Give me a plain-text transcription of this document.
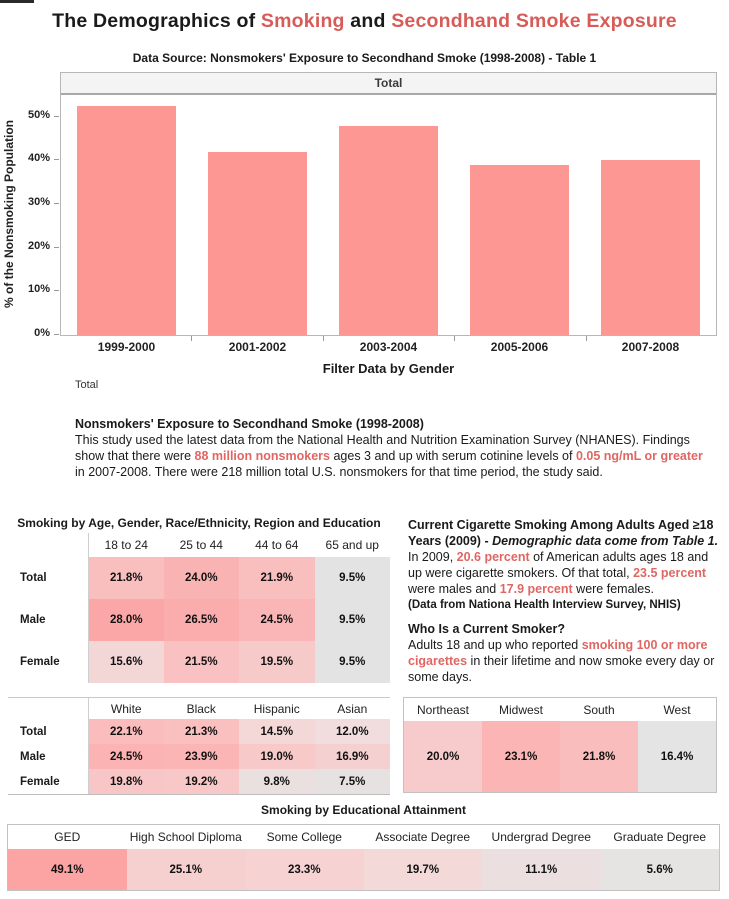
The Demographics of Smoking and Secondhand Smoke Exposure
Data Source: Nonsmokers' Exposure to Secondhand Smoke (1998-2008) - Table 1
% of the Nonsmoking Population
Total
1999-2000	2001-2002	2003-2004	2005-2006	2007-2008
0%
10%
20%
30%
40%
50%
Filter Data by Gender
Total
Nonsmokers' Exposure to Secondhand Smoke (1998-2008)
This study used the latest data from the National Health and Nutrition Examination Survey (NHANES). Findings show that there were 88 million nonsmokers ages 3 and up with serum cotinine levels of 0.05 ng/mL or greater in 2007-2008. There were 218 million total U.S. nonsmokers for that time period, the study said.
Smoking by Age, Gender, Race/Ethnicity, Region and Education
18 to 24	25 to 44	44 to 64	65 and up
Total	21.8%	24.0%	21.9%	9.5%
Male	28.0%	26.5%	24.5%	9.5%
Female	15.6%	21.5%	19.5%	9.5%
Current Cigarette Smoking Among Adults Aged ≥18 Years (2009) - Demographic data come from Table 1.
In 2009, 20.6 percent of American adults ages 18 and up were cigarette smokers. Of that total, 23.5 percent were males and 17.9 percent were females.
(Data from Nationa Health Interview Survey, NHIS)
Who Is a Current Smoker?
Adults 18 and up who reported smoking 100 or more cigarettes in their lifetime and now smoke every day or some days.
White	Black	Hispanic	Asian
Total	22.1%	21.3%	14.5%	12.0%
Male	24.5%	23.9%	19.0%	16.9%
Female	19.8%	19.2%	9.8%	7.5%
Northeast	Midwest	South	West
20.0%	23.1%	21.8%	16.4%
Smoking by Educational Attainment
GED	High School Diploma	Some College	Associate Degree	Undergrad Degree	Graduate Degree
49.1%	25.1%	23.3%	19.7%	11.1%	5.6%
